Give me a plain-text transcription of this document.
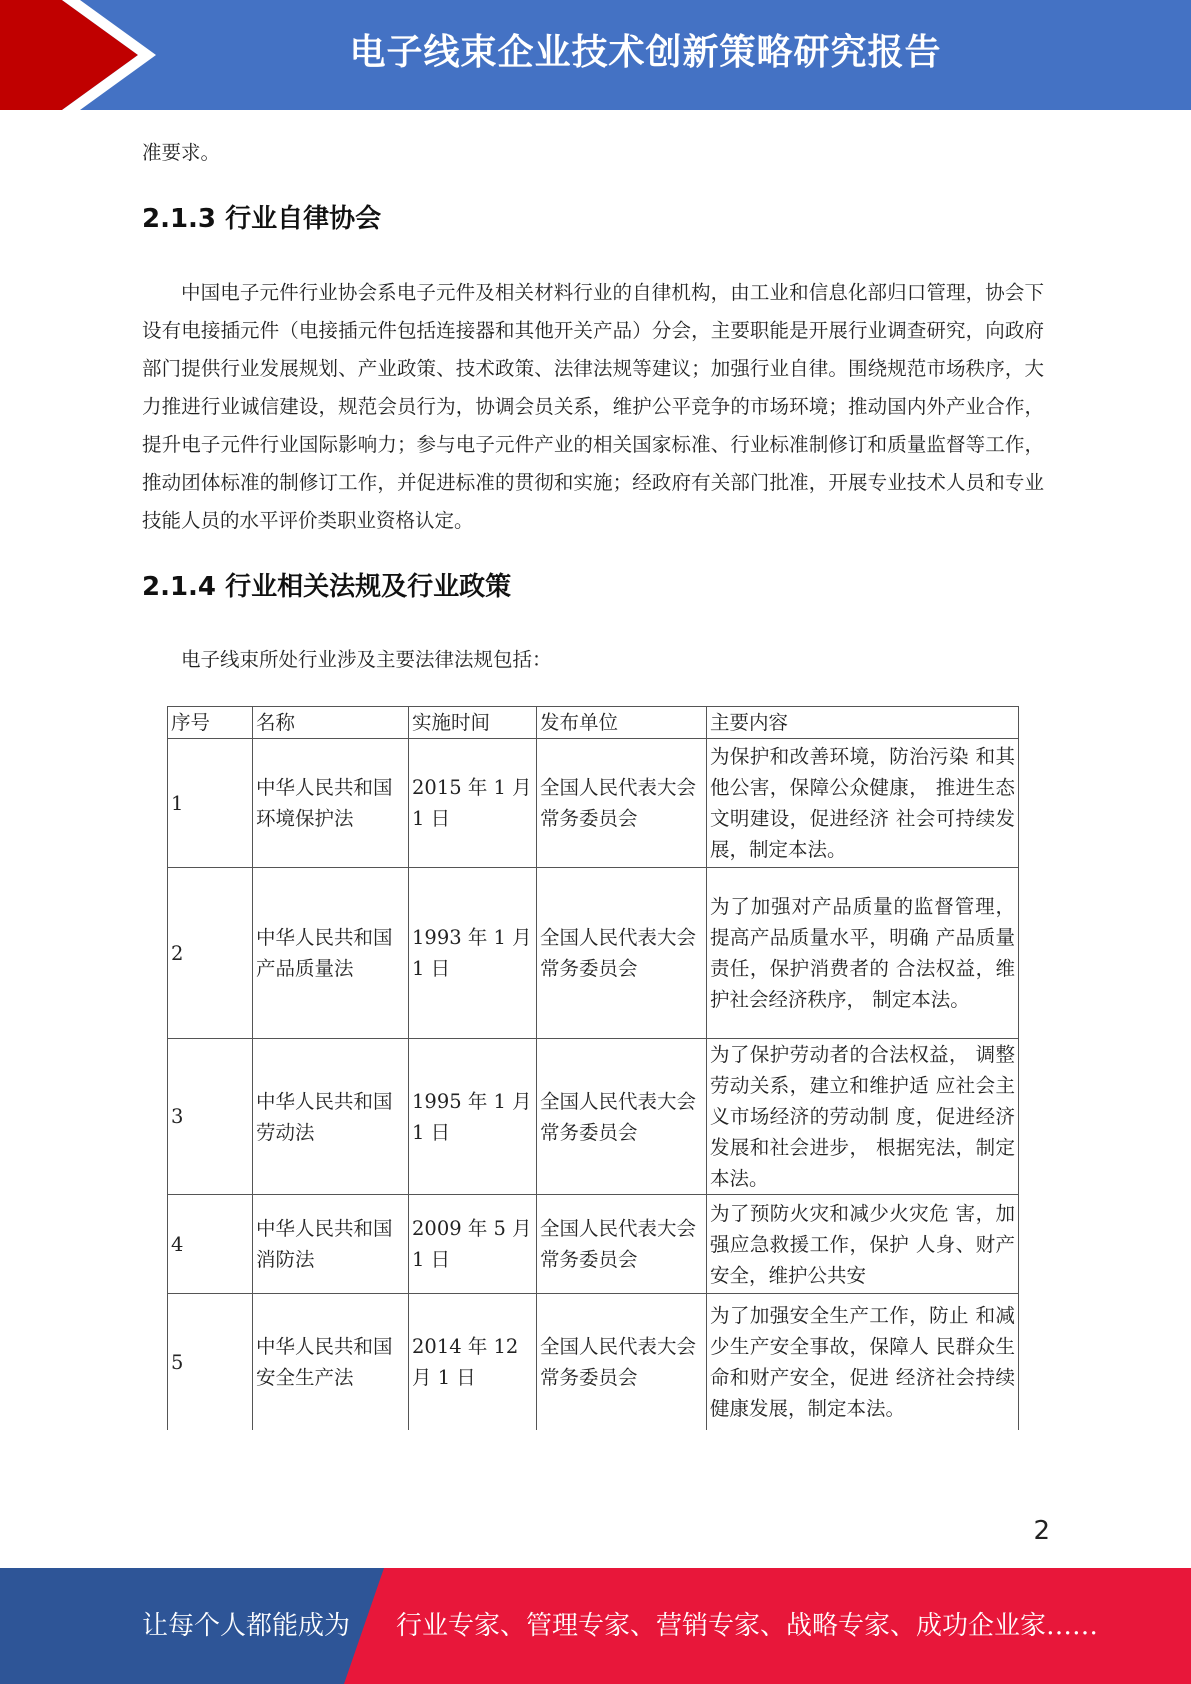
电子线束企业技术创新策略研究报告
准要求。
2.1.3 行业自律协会

中国电子元件行业协会系电子元件及相关材料行业的自律机构，由工业和信息化部归口管理，协会下设有电接插元件（电接插元件包括连接器和其他开关产品）分会，主要职能是开展行业调查研究，向政府部门提供行业发展规划、产业政策、技术政策、法律法规等建议；加强行业自律。围绕规范市场秩序，大力推进行业诚信建设，规范会员行为，协调会员关系，维护公平竞争的市场环境；推动国内外产业合作，提升电子元件行业国际影响力；参与电子元件产业的相关国家标准、行业标准制修订和质量监督等工作，推动团体标准的制修订工作，并促进标准的贯彻和实施；经政府有关部门批准，开展专业技术人员和专业技能人员的水平评价类职业资格认定。

2.1.4 行业相关法规及行业政策

电子线束所处行业涉及主要法律法规包括：

序号	名称	实施时间	发布单位	主要内容
1	中华人民共和国环境保护法	2015 年 1 月 1 日	全国人民代表大会常务委员会	为保护和改善环境，防治污染 和其他公害，保障公众健康， 推进生态文明建设，促进经济 社会可持续发展，制定本法。
2	中华人民共和国产品质量法	1993 年 1 月 1 日	全国人民代表大会常务委员会	为了加强对产品质量的监督管理，提高产品质量水平，明确 产品质量责任，保护消费者的 合法权益，维护社会经济秩序， 制定本法。
3	中华人民共和国劳动法	1995 年 1 月 1 日	全国人民代表大会常务委员会	为了保护劳动者的合法权益， 调整劳动关系，建立和维护适 应社会主义市场经济的劳动制 度，促进经济发展和社会进步， 根据宪法，制定本法。
4	中华人民共和国消防法	2009 年 5 月 1 日	全国人民代表大会常务委员会	为了预防火灾和减少火灾危 害，加强应急救援工作，保护 人身、财产安全，维护公共安
5	中华人民共和国安全生产法	2014 年 12 月 1 日	全国人民代表大会常务委员会	为了加强安全生产工作，防止 和减少生产安全事故，保障人 民群众生命和财产安全，促进 经济社会持续健康发展，制定本法。
2
让每个人都能成为 行业专家、管理专家、营销专家、战略专家、成功企业家……
